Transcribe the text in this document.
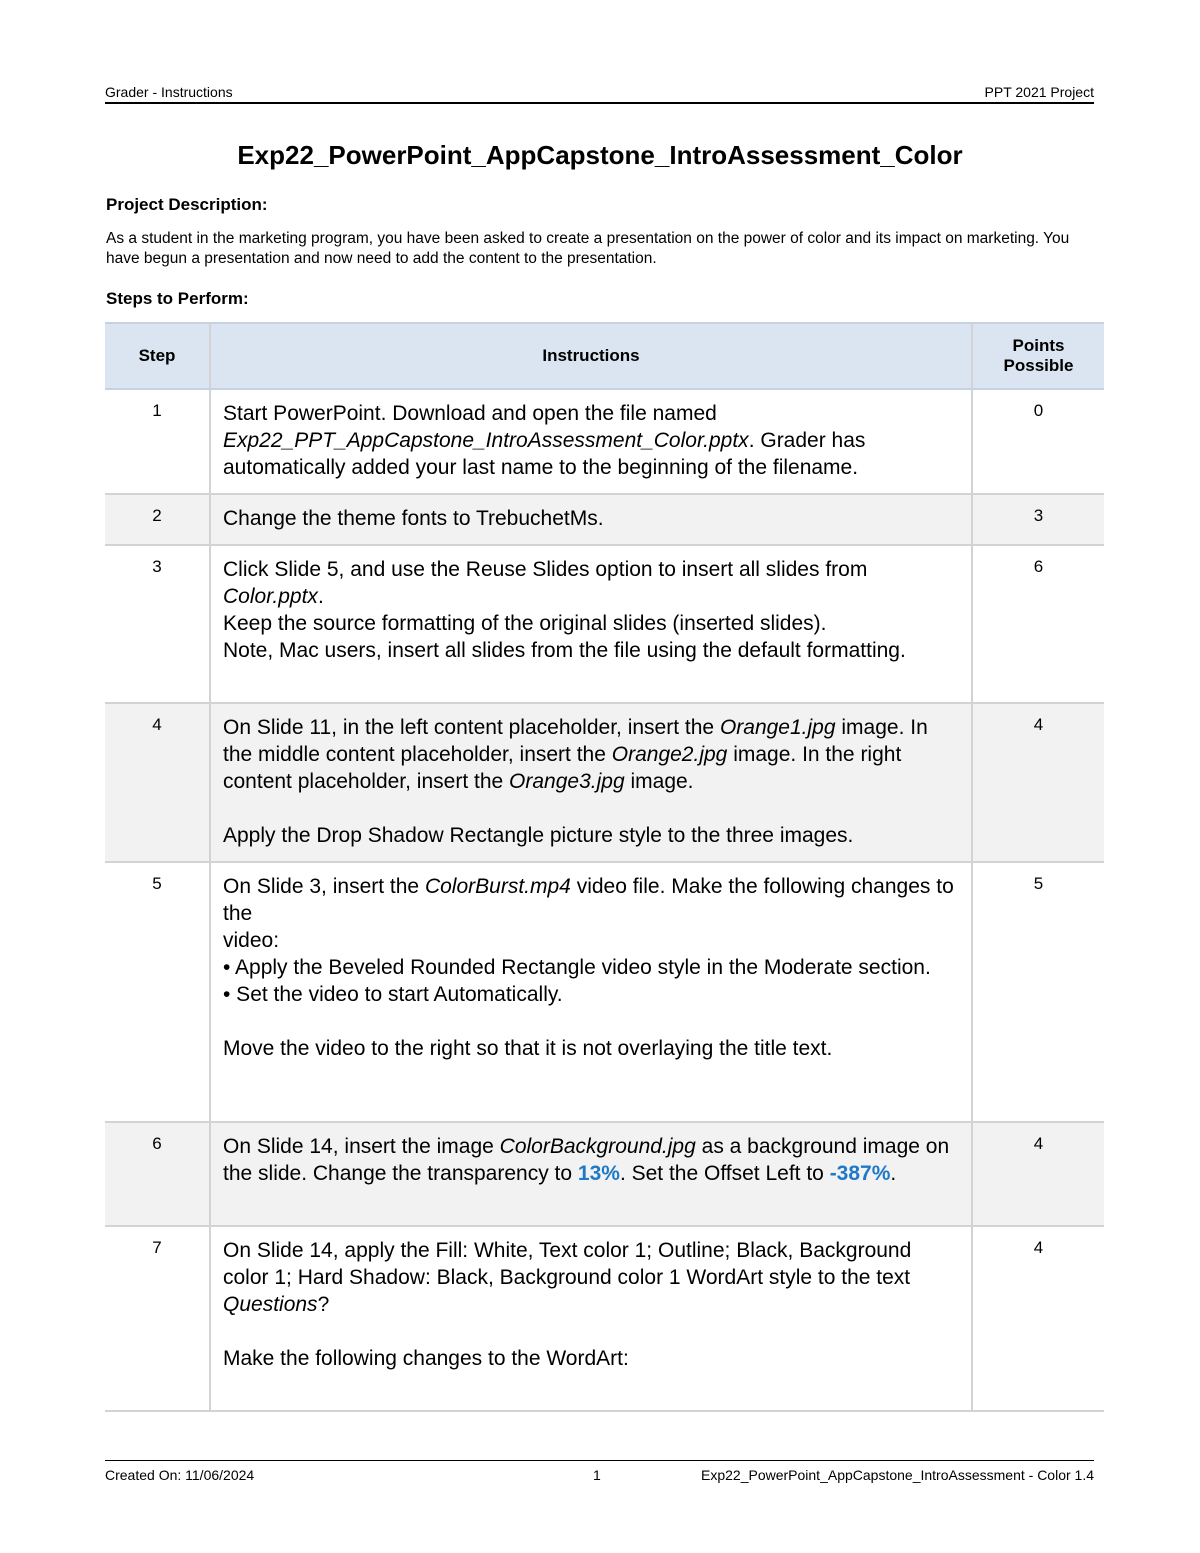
Grader - Instructions	PPT 2021 Project
Exp22_PowerPoint_AppCapstone_IntroAssessment_Color
Project Description:
As a student in the marketing program, you have been asked to create a presentation on the power of color and its impact on marketing. You have begun a presentation and now need to add the content to the presentation.
Steps to Perform:
Step	Instructions	Points
Possible
1	Start PowerPoint. Download and open the file named Exp22_PPT_AppCapstone_IntroAssessment_Color.pptx. Grader has automatically added your last name to the beginning of the filename.	0
2	Change the theme fonts to TrebuchetMs.	3
3	Click Slide 5, and use the Reuse Slides option to insert all slides from Color.pptx.
Keep the source formatting of the original slides (inserted slides).
Note, Mac users, insert all slides from the file using the default formatting.	6
4	On Slide 11, in the left content placeholder, insert the Orange1.jpg image. In the middle content placeholder, insert the Orange2.jpg image. In the right content placeholder, insert the Orange3.jpg image.
Apply the Drop Shadow Rectangle picture style to the three images.	4
5	On Slide 3, insert the ColorBurst.mp4 video file. Make the following changes to the
video:
• Apply the Beveled Rounded Rectangle video style in the Moderate section.
• Set the video to start Automatically.
Move the video to the right so that it is not overlaying the title text.	5
6	On Slide 14, insert the image ColorBackground.jpg as a background image on the slide. Change the transparency to 13%. Set the Offset Left to -387%.	4
7	On Slide 14, apply the Fill: White, Text color 1; Outline; Black, Background color 1; Hard Shadow: Black, Background color 1 WordArt style to the text Questions?
Make the following changes to the WordArt:	4
Created On: 11/06/2024	1	Exp22_PowerPoint_AppCapstone_IntroAssessment - Color 1.4
